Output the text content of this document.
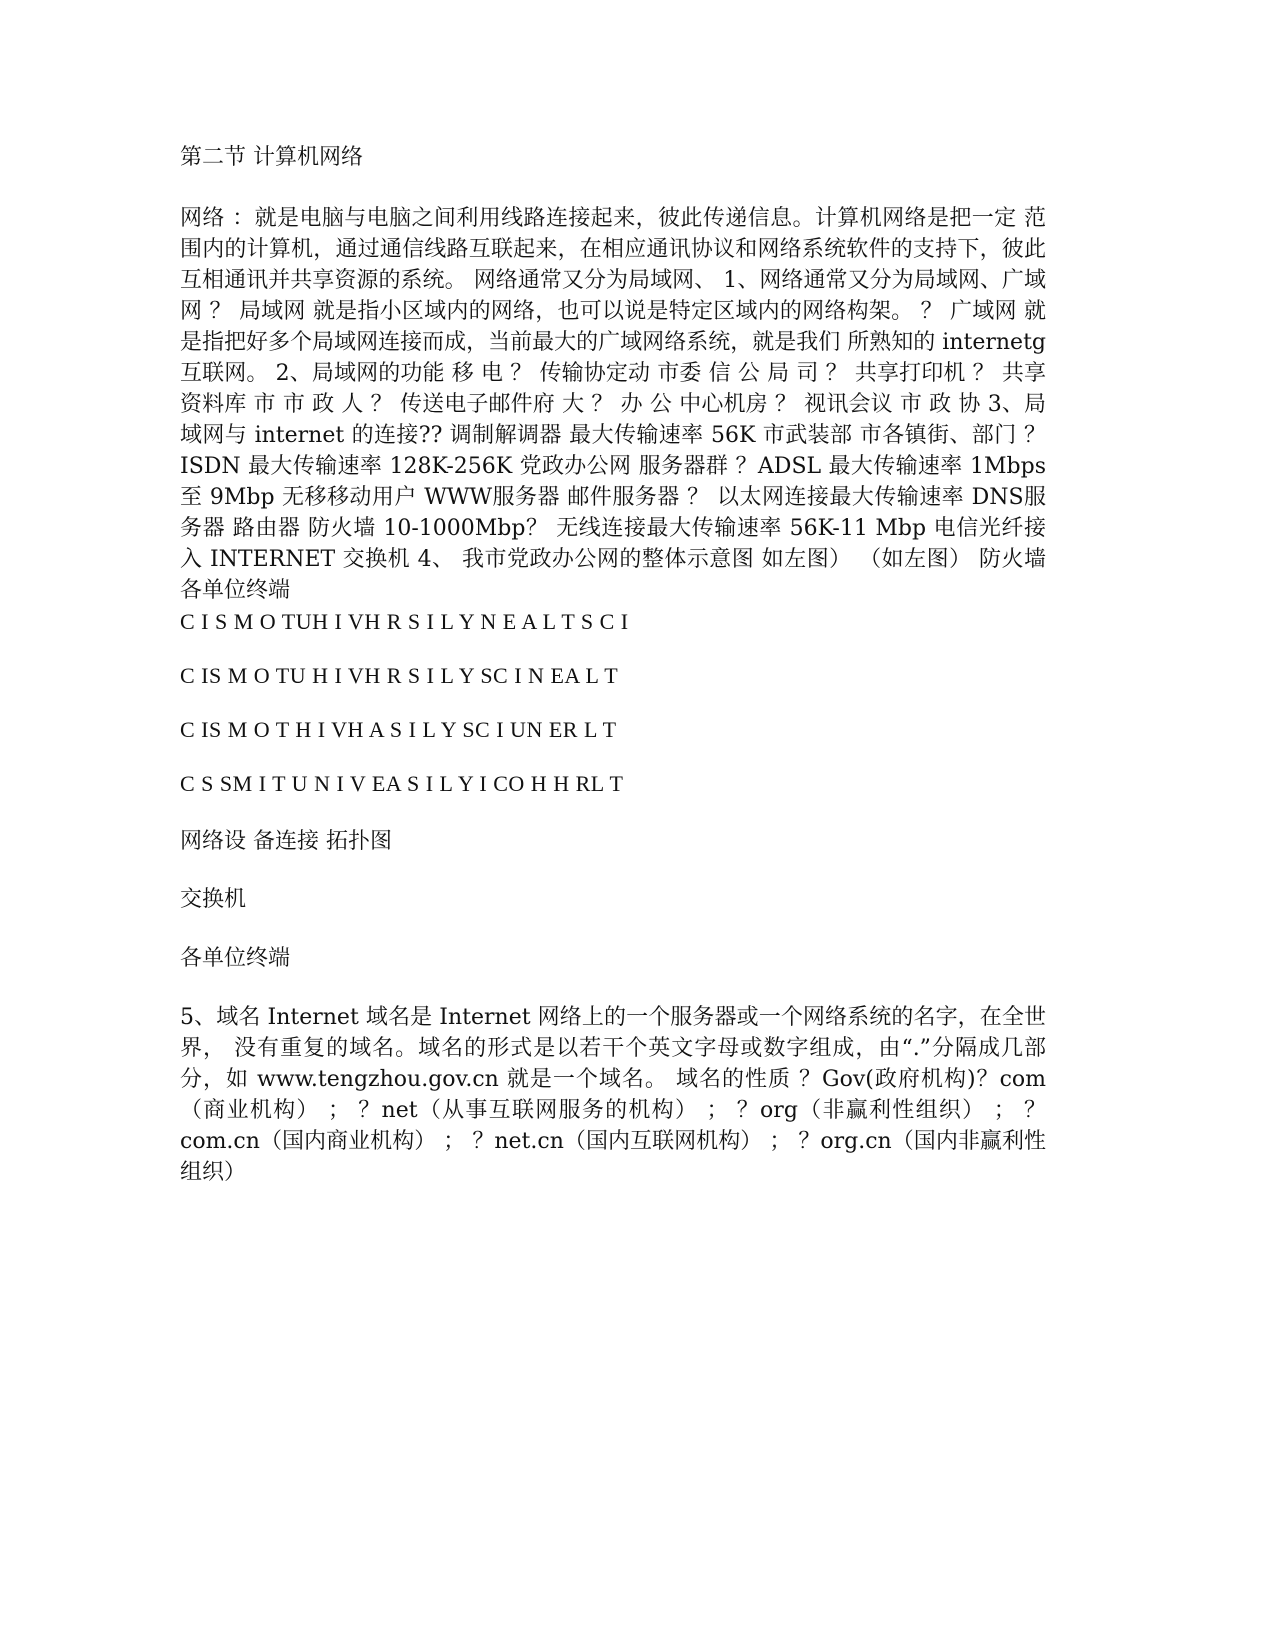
第二节 计算机网络

网络 ：就是电脑与电脑之间利用线路连接起来，彼此传递信息。计算机网络是把一定 范围内的计算机，通过通信线路互联起来，在相应通讯协议和网络系统软件的支持下，彼此 互相通讯并共享资源的系统。 网络通常又分为局域网、 1、网络通常又分为局域网、广域网 ？ 局域网 就是指小区域内的网络，也可以说是特定区域内的网络构架。 ？ 广域网 就是指把好多个局域网连接而成，当前最大的广域网络系统，就是我们 所熟知的 internetg 互联网。 2、局域网的功能 移 电 ？ 传输协定动 市委 信 公 局 司 ？ 共享打印机 ？ 共享资料库 市 市 政 人 ？ 传送电子邮件府 大 ？ 办 公 中心机房 ？ 视讯会议 市 政 协 3、局域网与 internet 的连接?? 调制解调器 最大传输速率 56K 市武装部 市各镇街、部门 ？ISDN 最大传输速率 128K-256K 党政办公网 服务器群 ？ADSL 最大传输速率 1Mbps 至 9Mbp 无移移动用户 WWW服务器 邮件服务器 ？ 以太网连接最大传输速率 DNS服务器 路由器 防火墙 10-1000Mbp？ 无线连接最大传输速率 56K-11 Mbp 电信光纤接入 INTERNET 交换机 4、 我市党政办公网的整体示意图 如左图） （如左图） 防火墙 各单位终端

C I S M O TUH I VH R S I L Y N E A L T S C I

C IS M O TU H I VH R S I L Y SC I N EA L T

C IS M O T H I VH A S I L Y SC I UN ER L T

C S SM I T U N I V EA S I L Y I CO H H RL T

网络设 备连接 拓扑图

交换机

各单位终端

5、域名 Internet 域名是 Internet 网络上的一个服务器或一个网络系统的名字，在全世界， 没有重复的域名。域名的形式是以若干个英文字母或数字组成，由“.”分隔成几部分，如 www.tengzhou.gov.cn 就是一个域名。 域名的性质 ？Gov(政府机构)？com（商业机构） ； ？net（从事互联网服务的机构） ； ？org（非赢利性组织） ； ？com.cn（国内商业机构） ； ？net.cn（国内互联网机构） ； ？org.cn（国内非赢利性组织）
